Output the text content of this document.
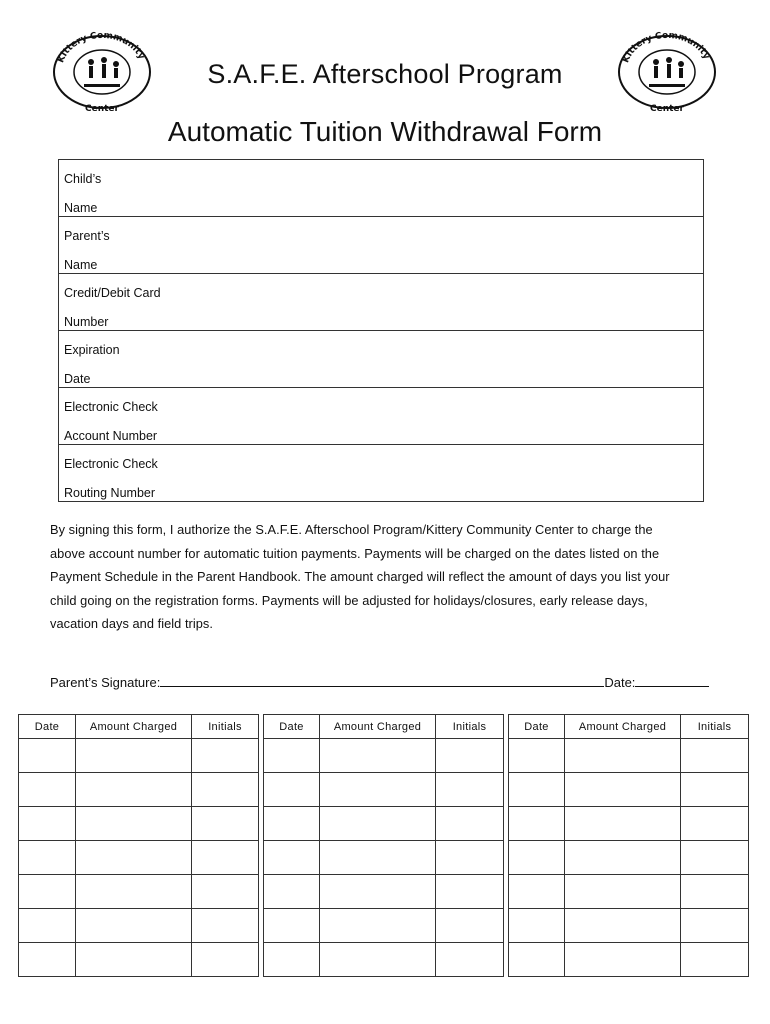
Kittery Community
Center
Kittery Community
Center
S.A.F.E. Afterschool Program
Automatic Tuition Withdrawal Form
Child’s
Name
Parent’s
Name
Credit/Debit Card
Number
Expiration
Date
Electronic Check
Account Number
Electronic Check
Routing Number
By signing this form, I authorize the S.A.F.E. Afterschool Program/Kittery Community Center to charge the
above account number for automatic tuition payments. Payments will be charged on the dates listed on the
Payment Schedule in the Parent Handbook. The amount charged will reflect the amount of days you list your
child going on the registration forms. Payments will be adjusted for holidays/closures, early release days,
vacation days and field trips.
Parent’s Signature:	Date:
Date	Amount Charged	Initials

			Date	Amount Charged	Initials

			Date	Amount Charged	Initials
